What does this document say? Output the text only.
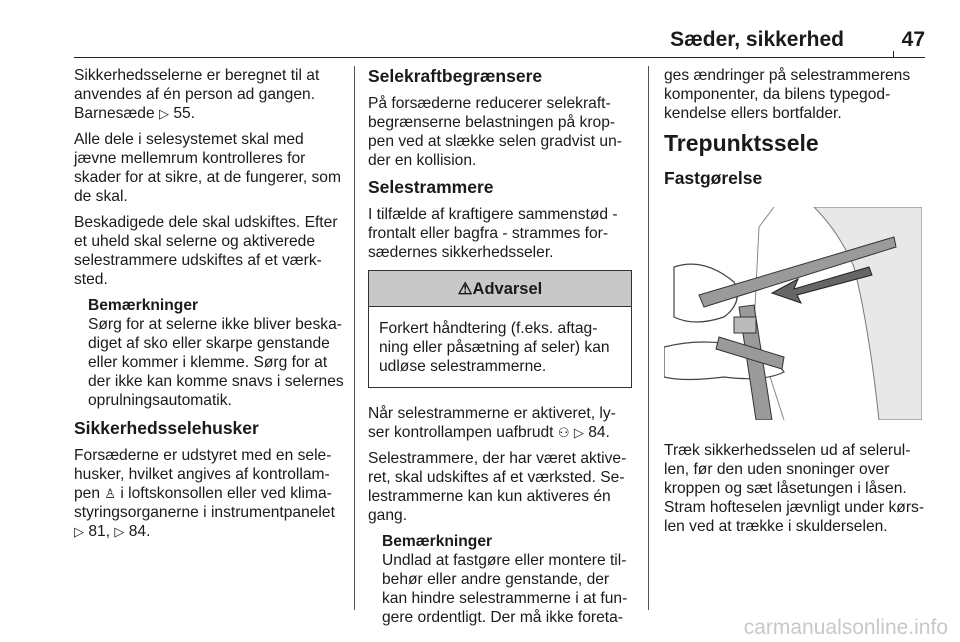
Sæder, sikkerhed	47

Sikkerhedsselerne er beregnet til at anvendes af én person ad gangen. Barnesæde ▷ 55.

Alle dele i selesystemet skal med jævne mellemrum kontrolleres for skader for at sikre, at de fungerer, som de skal.

Beskadigede dele skal udskiftes. Efter et uheld skal selerne og aktiverede selestrammere udskiftes af et værksted.

Bemærkninger
Sørg for at selerne ikke bliver beskadiget af sko eller skarpe genstande eller kommer i klemme. Sørg for at der ikke kan komme snavs i selernes oprulningsautomatik.
Sikkerhedsselehusker

Forsæderne er udstyret med en selehusker, hvilket angives af kontrollampen ♙ i loftskonsollen eller ved klimastyringsorganerne i instrumentpanelet ▷ 81, ▷ 84.

Selekraftbegrænsere

På forsæderne reducerer selekraftbegrænserne belastningen på kroppen ved at slække selen gradvist under en kollision.

Selestrammere

I tilfælde af kraftigere sammenstød - frontalt eller bagfra - strammes forsædernes sikkerhedsseler.

⚠Advarsel
Forkert håndtering (f.eks. aftagning eller påsætning af seler) kan udløse selestrammerne.

Når selestrammerne er aktiveret, lyser kontrollampen uafbrudt ⚇ ▷ 84.

Selestrammere, der har været aktiveret, skal udskiftes af et værksted. Selestrammerne kan kun aktiveres én gang.

Bemærkninger
Undlad at fastgøre eller montere tilbehør eller andre genstande, der kan hindre selestrammerne i at fungere ordentligt. Der må ikke foreta-

ges ændringer på selestrammerens komponenter, da bilens typegodkendelse ellers bortfalder.

Trepunktssele
Fastgørelse

Træk sikkerhedsselen ud af selerullen, før den uden snoninger over kroppen og sæt låsetungen i låsen. Stram hofteselen jævnligt under kørslen ved at trække i skulderselen.

carmanualsonline.info
